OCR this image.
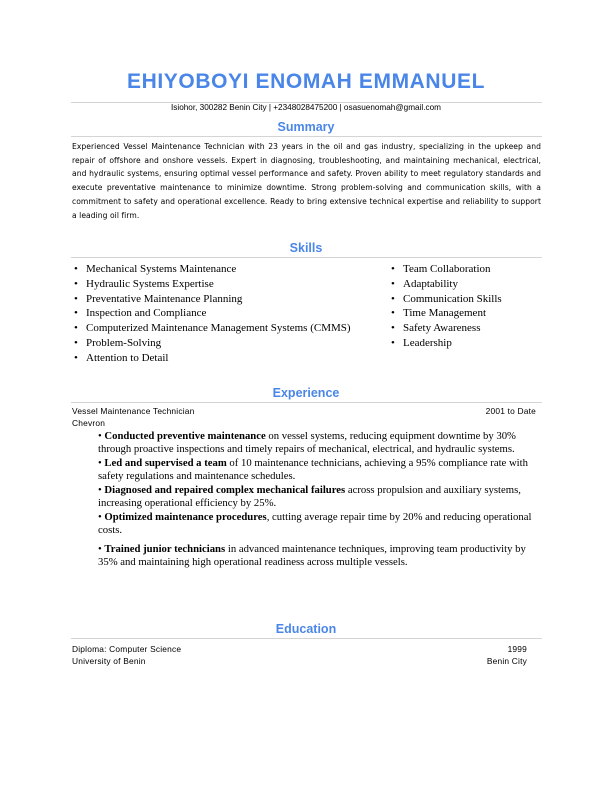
EHIYOBOYI ENOMAH EMMANUEL
Isiohor, 300282 Benin City | +2348028475200 | osasuenomah@gmail.com
Summary
Experienced Vessel Maintenance Technician with 23 years in the oil and gas industry, specializing in the upkeep and repair of offshore and onshore vessels. Expert in diagnosing, troubleshooting, and maintaining mechanical, electrical, and hydraulic systems, ensuring optimal vessel performance and safety. Proven ability to meet regulatory standards and execute preventative maintenance to minimize downtime. Strong problem-solving and communication skills, with a commitment to safety and operational excellence. Ready to bring extensive technical expertise and reliability to support a leading oil firm.
Skills
• Mechanical Systems Maintenance
• Hydraulic Systems Expertise
• Preventative Maintenance Planning
• Inspection and Compliance
• Computerized Maintenance Management Systems (CMMS)
• Problem-Solving
• Attention to Detail
• Team Collaboration
• Adaptability
• Communication Skills
• Time Management
• Safety Awareness
• Leadership
Experience
Vessel Maintenance Technician	2001 to Date
Chevron

• Conducted preventive maintenance on vessel systems, reducing equipment downtime by 30% through proactive inspections and timely repairs of mechanical, electrical, and hydraulic systems.

• Led and supervised a team of 10 maintenance technicians, achieving a 95% compliance rate with safety regulations and maintenance schedules.

• Diagnosed and repaired complex mechanical failures across propulsion and auxiliary systems, increasing operational efficiency by 25%.

• Optimized maintenance procedures, cutting average repair time by 20% and reducing operational costs.

• Trained junior technicians in advanced maintenance techniques, improving team productivity by 35% and maintaining high operational readiness across multiple vessels.

Education
Diploma: Computer Science	1999
University of Benin	Benin City
